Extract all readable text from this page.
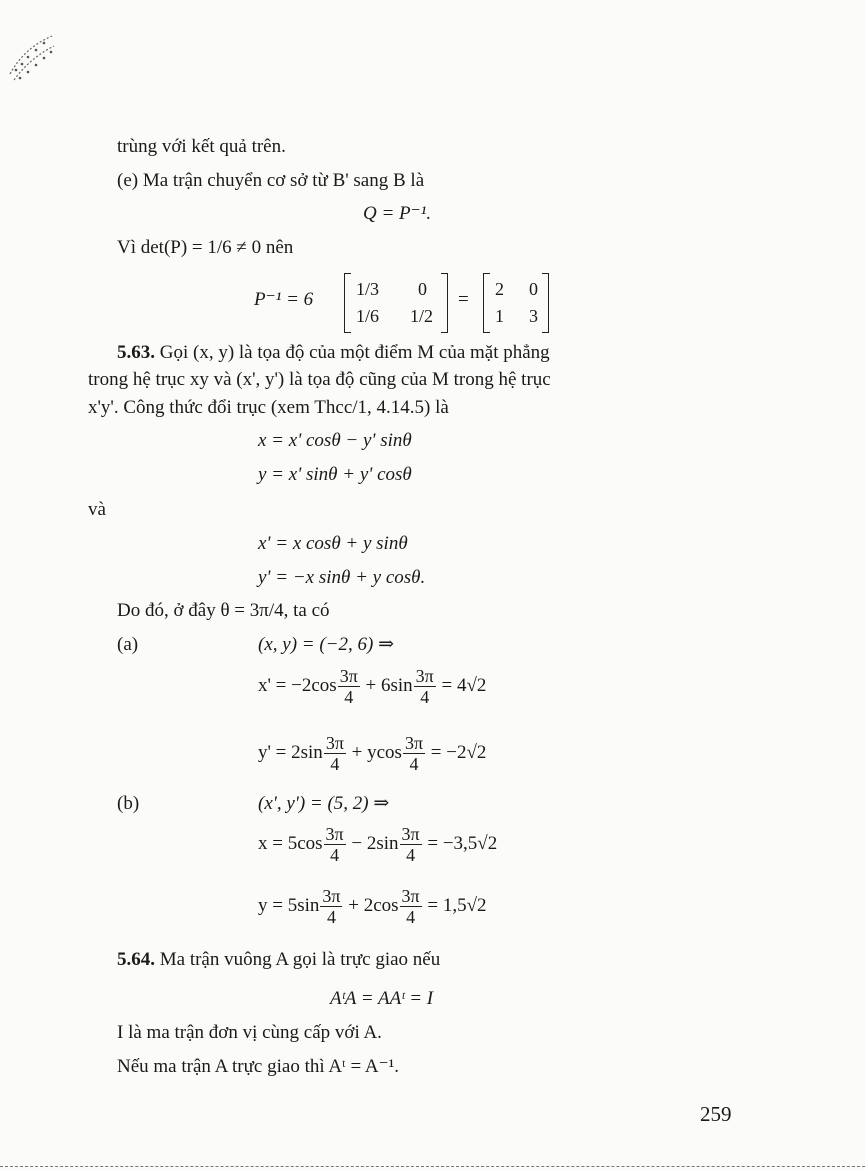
trùng với kết quả trên.
(e) Ma trận chuyển cơ sở từ B' sang B là
Q = P⁻¹.
Vì det(P) = 1/6 ≠ 0 nên
P⁻¹ = 6 1/3 0
1/6 1/2
= 2 0
1 3
5.63. Gọi (x, y) là tọa độ của một điểm M của mặt phẳng
trong hệ trục xy và (x', y') là tọa độ cũng của M trong hệ trục
x'y'. Công thức đổi trục (xem Thcc/1, 4.14.5) là
x = x' cosθ − y' sinθ
y = x' sinθ + y' cosθ
và
x' = x cosθ + y sinθ
y' = −x sinθ + y cosθ.
Do đó, ở đây θ = 3π/4, ta có
(a)	(x, y) = (−2, 6) ⇒
$x' = -2\cos \frac{3\pi}{4} + 6\sin \frac{3\pi}{4} = 4√2$
$y' = 2\sin \frac{3\pi}{4} + ycos \frac{3\pi}{4} = -2√2$
(b)	(x', y') = (5, 2) ⇒
$x = 5\cos \frac{3\pi}{4} - 2\sin \frac{3\pi}{4} = -3,5√2$
$y = 5\sin \frac{3\pi}{4} + 2\cos \frac{3\pi}{4} = 1,5√2$
5.64. Ma trận vuông A gọi là trực giao nếu
AᵗA = AAᵗ = I
I là ma trận đơn vị cùng cấp với A.
Nếu ma trận A trực giao thì Aᵗ = A⁻¹.
259
